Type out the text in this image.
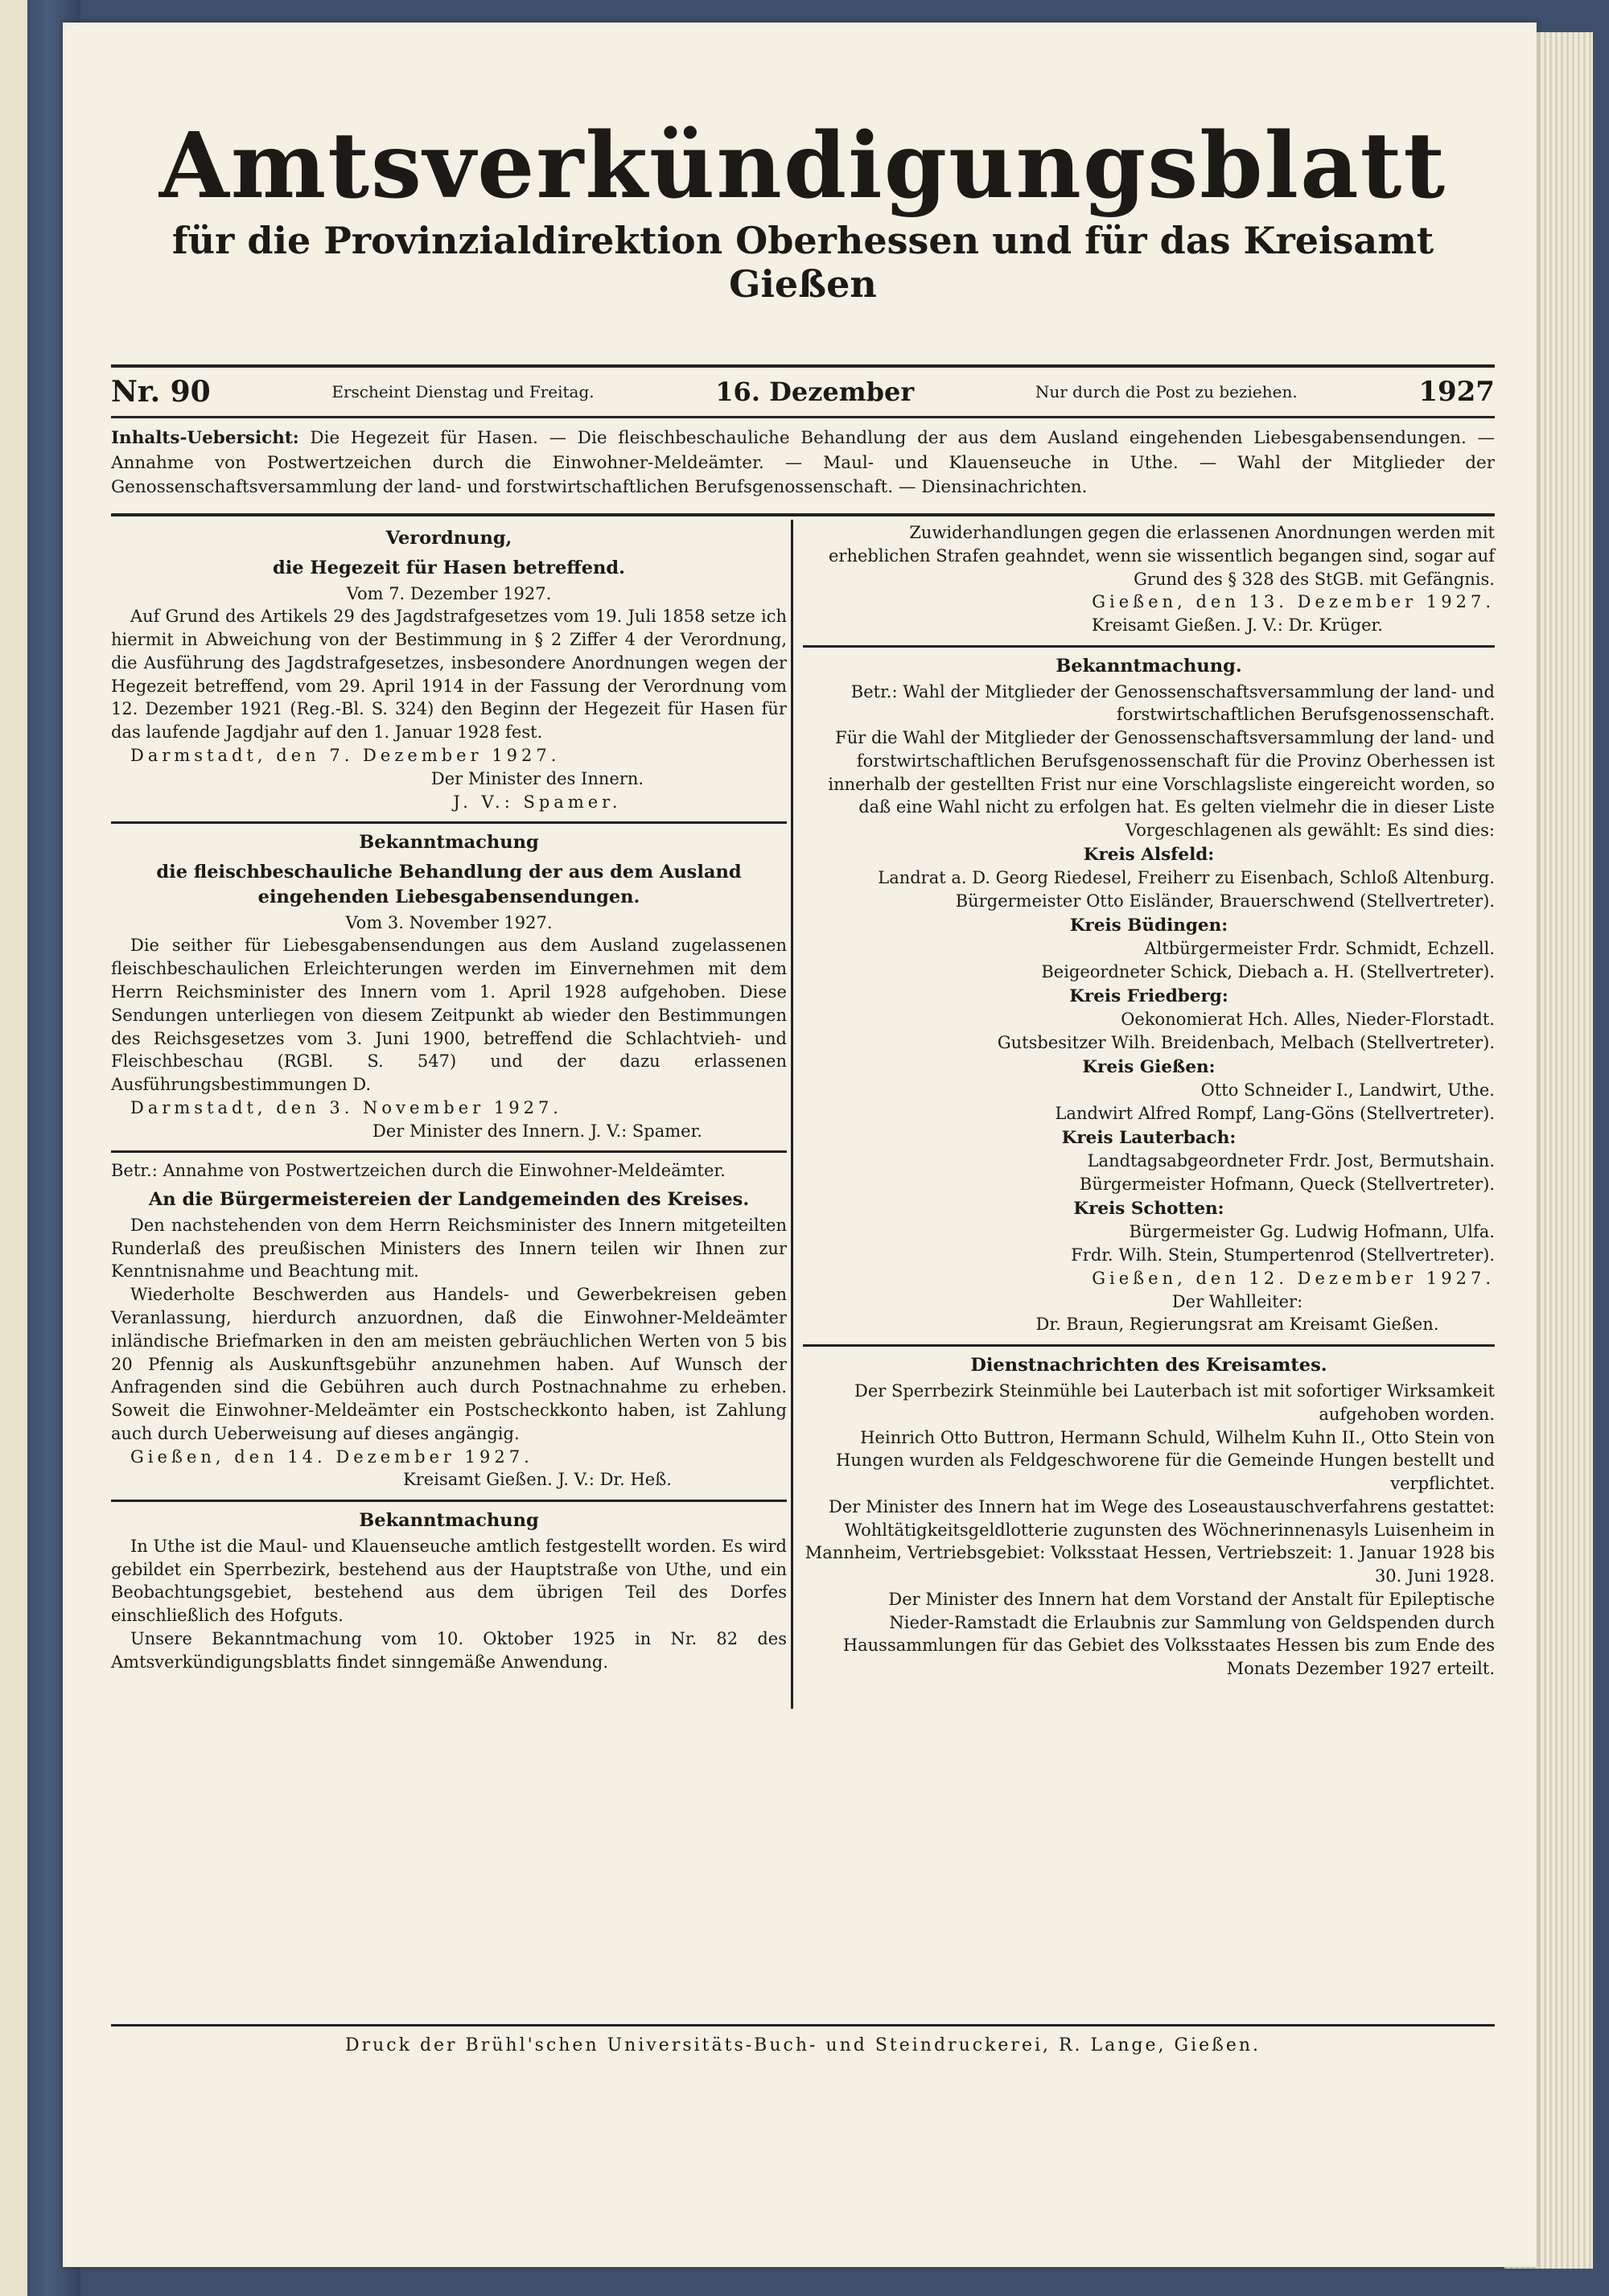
Amtsverkündigungsblatt
für die Provinzialdirektion Oberhessen und für das Kreisamt Gießen
Nr. 90	Erscheint Dienstag und Freitag.	16. Dezember	Nur durch die Post zu beziehen.	1927
Inhalts-Uebersicht: Die Hegezeit für Hasen. — Die fleischbeschauliche Behandlung der aus dem Ausland eingehenden Liebesgabensendungen. — Annahme von Postwertzeichen durch die Einwohner-Meldeämter. — Maul- und Klauenseuche in Uthe. — Wahl der Mitglieder der Genossenschaftsversammlung der land- und forstwirtschaftlichen Berufsgenossenschaft. — Diensinachrichten.
Verordnung,
die Hegezeit für Hasen betreffend.
Vom 7. Dezember 1927.

Auf Grund des Artikels 29 des Jagdstrafgesetzes vom 19. Juli 1858 setze ich hiermit in Abweichung von der Bestimmung in § 2 Ziffer 4 der Verordnung, die Ausführung des Jagdstrafgesetzes, insbesondere Anordnungen wegen der Hegezeit betreffend, vom 29. April 1914 in der Fassung der Verordnung vom 12. Dezember 1921 (Reg.-Bl. S. 324) den Beginn der Hegezeit für Hasen für das laufende Jagdjahr auf den 1. Januar 1928 fest.

Darmstadt, den 7. Dezember 1927.

Der Minister des Innern.
J. V.: Spamer.
Bekanntmachung
die fleischbeschauliche Behandlung der aus dem Ausland eingehenden Liebesgabensendungen.
Vom 3. November 1927.

Die seither für Liebesgabensendungen aus dem Ausland zugelassenen fleischbeschaulichen Erleichterungen werden im Einvernehmen mit dem Herrn Reichsminister des Innern vom 1. April 1928 aufgehoben. Diese Sendungen unterliegen von diesem Zeitpunkt ab wieder den Bestimmungen des Reichsgesetzes vom 3. Juni 1900, betreffend die Schlachtvieh- und Fleischbeschau (RGBl. S. 547) und der dazu erlassenen Ausführungsbestimmungen D.

Darmstadt, den 3. November 1927.

Der Minister des Innern. J. V.: Spamer.

Betr.: Annahme von Postwertzeichen durch die Einwohner-Meldeämter.

An die Bürgermeistereien der Landgemeinden des Kreises.

Den nachstehenden von dem Herrn Reichsminister des Innern mitgeteilten Runderlaß des preußischen Ministers des Innern teilen wir Ihnen zur Kenntnisnahme und Beachtung mit.

Wiederholte Beschwerden aus Handels- und Gewerbekreisen geben Veranlassung, hierdurch anzuordnen, daß die Einwohner-Meldeämter inländische Briefmarken in den am meisten gebräuchlichen Werten von 5 bis 20 Pfennig als Auskunftsgebühr anzunehmen haben. Auf Wunsch der Anfragenden sind die Gebühren auch durch Postnachnahme zu erheben. Soweit die Einwohner-Meldeämter ein Postscheckkonto haben, ist Zahlung auch durch Ueberweisung auf dieses angängig.

Gießen, den 14. Dezember 1927.

Kreisamt Gießen. J. V.: Dr. Heß.
Bekanntmachung

In Uthe ist die Maul- und Klauenseuche amtlich festgestellt worden. Es wird gebildet ein Sperrbezirk, bestehend aus der Hauptstraße von Uthe, und ein Beobachtungsgebiet, bestehend aus dem übrigen Teil des Dorfes einschließlich des Hofguts.

Unsere Bekanntmachung vom 10. Oktober 1925 in Nr. 82 des Amtsverkündigungsblatts findet sinngemäße Anwendung.

Zuwiderhandlungen gegen die erlassenen Anordnungen werden mit erheblichen Strafen geahndet, wenn sie wissentlich begangen sind, sogar auf Grund des § 328 des StGB. mit Gefängnis.

Gießen, den 13. Dezember 1927.

Kreisamt Gießen. J. V.: Dr. Krüger.
Bekanntmachung.

Betr.: Wahl der Mitglieder der Genossenschaftsversammlung der land- und forstwirtschaftlichen Berufsgenossenschaft.

Für die Wahl der Mitglieder der Genossenschaftsversammlung der land- und forstwirtschaftlichen Berufsgenossenschaft für die Provinz Oberhessen ist innerhalb der gestellten Frist nur eine Vorschlagsliste eingereicht worden, so daß eine Wahl nicht zu erfolgen hat. Es gelten vielmehr die in dieser Liste Vorgeschlagenen als gewählt: Es sind dies:

Kreis Alsfeld:

Landrat a. D. Georg Riedesel, Freiherr zu Eisenbach, Schloß Altenburg.

Bürgermeister Otto Eisländer, Brauerschwend (Stellvertreter).

Kreis Büdingen:

Altbürgermeister Frdr. Schmidt, Echzell.

Beigeordneter Schick, Diebach a. H. (Stellvertreter).

Kreis Friedberg:

Oekonomierat Hch. Alles, Nieder-Florstadt.

Gutsbesitzer Wilh. Breidenbach, Melbach (Stellvertreter).

Kreis Gießen:

Otto Schneider I., Landwirt, Uthe.

Landwirt Alfred Rompf, Lang-Göns (Stellvertreter).

Kreis Lauterbach:

Landtagsabgeordneter Frdr. Jost, Bermutshain.

Bürgermeister Hofmann, Queck (Stellvertreter).

Kreis Schotten:

Bürgermeister Gg. Ludwig Hofmann, Ulfa.

Frdr. Wilh. Stein, Stumpertenrod (Stellvertreter).

Gießen, den 12. Dezember 1927.

Der Wahlleiter:
Dr. Braun, Regierungsrat am Kreisamt Gießen.
Dienstnachrichten des Kreisamtes.

Der Sperrbezirk Steinmühle bei Lauterbach ist mit sofortiger Wirksamkeit aufgehoben worden.

Heinrich Otto Buttron, Hermann Schuld, Wilhelm Kuhn II., Otto Stein von Hungen wurden als Feldgeschworene für die Gemeinde Hungen bestellt und verpflichtet.

Der Minister des Innern hat im Wege des Loseaustauschverfahrens gestattet:

Wohltätigkeitsgeldlotterie zugunsten des Wöchnerinnenasyls Luisenheim in Mannheim, Vertriebsgebiet: Volksstaat Hessen, Vertriebszeit: 1. Januar 1928 bis 30. Juni 1928.

Der Minister des Innern hat dem Vorstand der Anstalt für Epileptische Nieder-Ramstadt die Erlaubnis zur Sammlung von Geldspenden durch Haussammlungen für das Gebiet des Volksstaates Hessen bis zum Ende des Monats Dezember 1927 erteilt.

Druck der Brühl'schen Universitäts-Buch- und Steindruckerei, R. Lange, Gießen.
